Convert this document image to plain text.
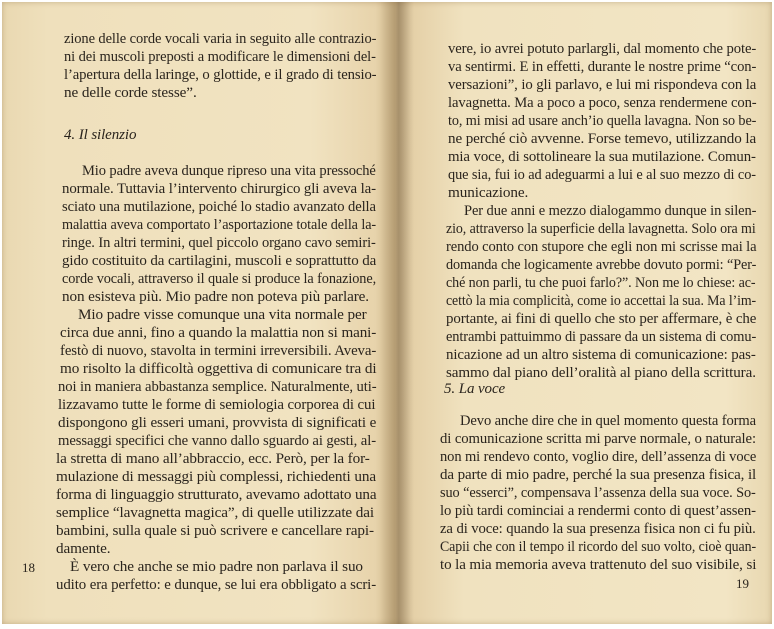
zione delle corde vocali varia in seguito alle contrazio-
ni dei muscoli preposti a modificare le dimensioni del-
l’apertura della laringe, o glottide, e il grado di tensio-
ne delle corde stesse”.
4. Il silenzio
Mio padre aveva dunque ripreso una vita pressoché
normale. Tuttavia l’intervento chirurgico gli aveva la-
sciato una mutilazione, poiché lo stadio avanzato della
malattia aveva comportato l’asportazione totale della la-
ringe. In altri termini, quel piccolo organo cavo semiri-
gido costituito da cartilagini, muscoli e soprattutto da
corde vocali, attraverso il quale si produce la fonazione,
non esisteva più. Mio padre non poteva più parlare.
Mio padre visse comunque una vita normale per
circa due anni, fino a quando la malattia non si mani-
festò di nuovo, stavolta in termini irreversibili. Aveva-
mo risolto la difficoltà oggettiva di comunicare tra di
noi in maniera abbastanza semplice. Naturalmente, uti-
lizzavamo tutte le forme di semiologia corporea di cui
dispongono gli esseri umani, provvista di significati e
messaggi specifici che vanno dallo sguardo ai gesti, al-
la stretta di mano all’abbraccio, ecc. Però, per la for-
mulazione di messaggi più complessi, richiedenti una
forma di linguaggio strutturato, avevamo adottato una
semplice “lavagnetta magica”, di quelle utilizzate dai
bambini, sulla quale si può scrivere e cancellare rapi-
damente.
È vero che anche se mio padre non parlava il suo
udito era perfetto: e dunque, se lui era obbligato a scri-
18
vere, io avrei potuto parlargli, dal momento che pote-
va sentirmi. E in effetti, durante le nostre prime “con-
versazioni”, io gli parlavo, e lui mi rispondeva con la
lavagnetta. Ma a poco a poco, senza rendermene con-
to, mi misi ad usare anch’io quella lavagna. Non so be-
ne perché ciò avvenne. Forse temevo, utilizzando la
mia voce, di sottolineare la sua mutilazione. Comun-
que sia, fui io ad adeguarmi a lui e al suo mezzo di co-
municazione.
Per due anni e mezzo dialogammo dunque in silen-
zio, attraverso la superficie della lavagnetta. Solo ora mi
rendo conto con stupore che egli non mi scrisse mai la
domanda che logicamente avrebbe dovuto pormi: “Per-
ché non parli, tu che puoi farlo?”. Non me lo chiese: ac-
cettò la mia complicità, come io accettai la sua. Ma l’im-
portante, ai fini di quello che sto per affermare, è che
entrambi pattuimmo di passare da un sistema di comu-
nicazione ad un altro sistema di comunicazione: pas-
sammo dal piano dell’oralità al piano della scrittura.
5. La voce
Devo anche dire che in quel momento questa forma
di comunicazione scritta mi parve normale, o naturale:
non mi rendevo conto, voglio dire, dell’assenza di voce
da parte di mio padre, perché la sua presenza fisica, il
suo “esserci”, compensava l’assenza della sua voce. So-
lo più tardi cominciai a rendermi conto di quest’assen-
za di voce: quando la sua presenza fisica non ci fu più.
Capii che con il tempo il ricordo del suo volto, cioè quan-
to la mia memoria aveva trattenuto del suo visibile, si
19
